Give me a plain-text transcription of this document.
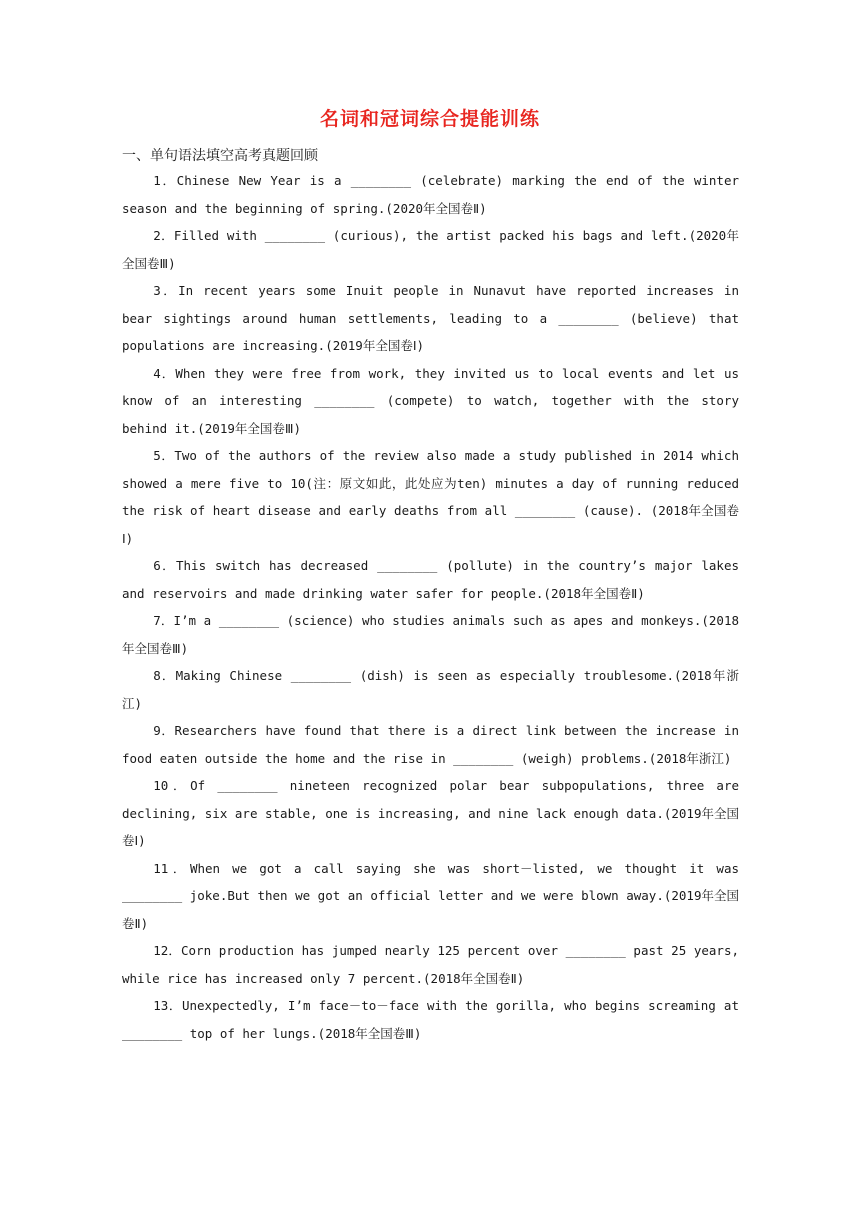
名词和冠词综合提能训练
一、单句语法填空高考真题回顾

1．Chinese New Year is a ________ (celebrate) marking the end of the winter season and the beginning of spring.(2020年全国卷Ⅱ)

2．Filled with ________ (curious), the artist packed his bags and left.(2020年全国卷Ⅲ)

3．In recent years some Inuit people in Nunavut have reported increases in bear sightings around human settlements, leading to a ________ (believe) that populations are increasing.(2019年全国卷Ⅰ)

4．When they were free from work, they invited us to local events and let us know of an interesting ________ (compete) to watch, together with the story behind it.(2019年全国卷Ⅲ)

5．Two of the authors of the review also made a study published in 2014 which showed a mere five to 10(注：原文如此，此处应为ten) minutes a day of running reduced the risk of heart disease and early deaths from all ________ (cause). (2018年全国卷Ⅰ)

6．This switch has decreased ________ (pollute) in the country’s major lakes and reservoirs and made drinking water safer for people.(2018年全国卷Ⅱ)

7．I’m a ________ (science) who studies animals such as apes and monkeys.(2018年全国卷Ⅲ)

8．Making Chinese ________ (dish) is seen as especially troublesome.(2018年浙江)

9．Researchers have found that there is a direct link between the increase in food eaten outside the home and the rise in ________ (weigh) problems.(2018年浙江)

10．Of ________ nineteen recognized polar bear subpopulations, three are declining, six are stable, one is increasing, and nine lack enough data.(2019年全国卷Ⅰ)

11．When we got a call saying she was short－listed, we thought it was ________ joke.But then we got an official letter and we were blown away.(2019年全国卷Ⅱ)

12．Corn production has jumped nearly 125 percent over ________ past 25 years, while rice has increased only 7 percent.(2018年全国卷Ⅱ)

13．Unexpectedly, I’m face－to－face with the gorilla, who begins screaming at ________ top of her lungs.(2018年全国卷Ⅲ)
